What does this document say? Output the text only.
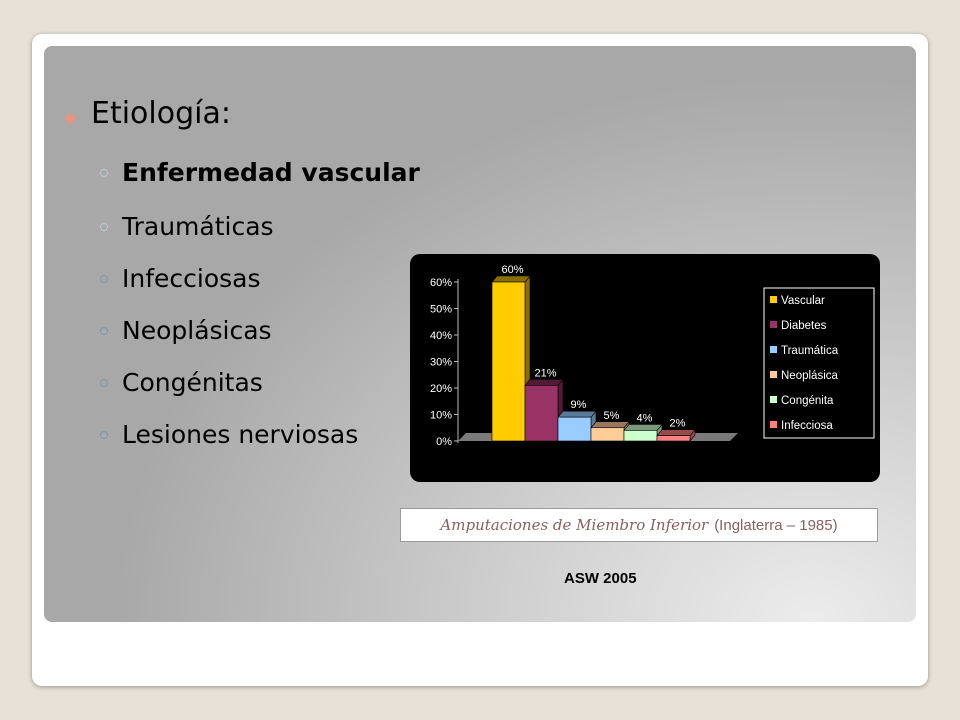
Etiología:
Enfermedad vascular
Traumáticas
Infecciosas
Neoplásicas
Congénitas
Lesiones nerviosas	0%
10%
20%
30%
40%
50%
60%
60%
21%
9%
5% 4% 2%
Vascular
Diabetes
Traumática
Neoplásica
Congénita
Infecciosa
Amputaciones de Miembro Inferior (Inglaterra – 1985)
ASW 2005
